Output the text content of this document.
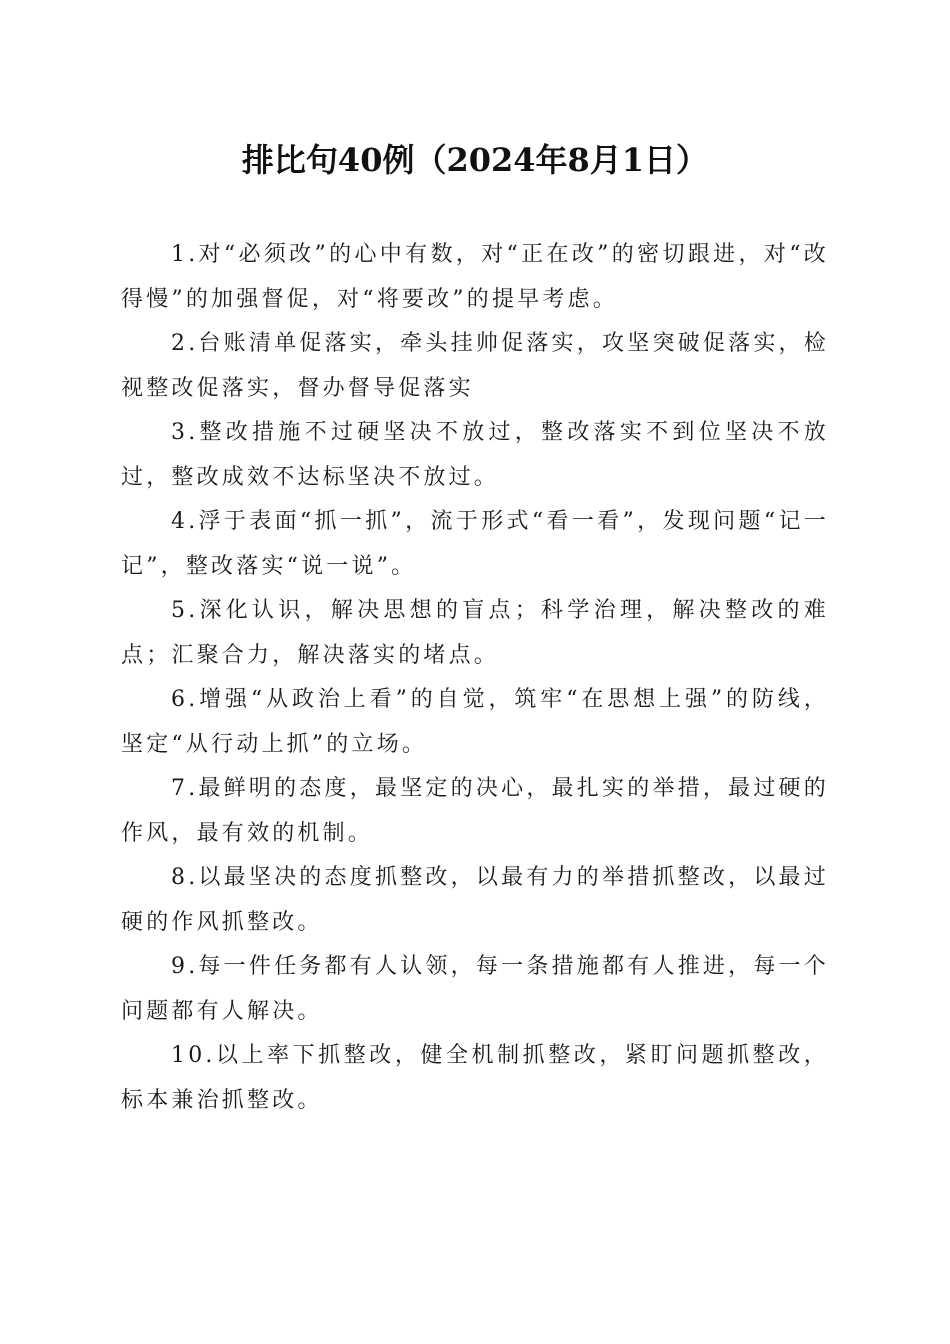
排比句40例（2024年8月1日）

1.对“必须改”的心中有数，对“正在改”的密切跟进，对“改得慢”的加强督促，对“将要改”的提早考虑。

2.台账清单促落实，牵头挂帅促落实，攻坚突破促落实，检视整改促落实，督办督导促落实

3.整改措施不过硬坚决不放过，整改落实不到位坚决不放过，整改成效不达标坚决不放过。

4.浮于表面“抓一抓”，流于形式“看一看”，发现问题“记一记”，整改落实“说一说”。

5.深化认识，解决思想的盲点；科学治理，解决整改的难点；汇聚合力，解决落实的堵点。

6.增强“从政治上看”的自觉，筑牢“在思想上强”的防线，坚定“从行动上抓”的立场。

7.最鲜明的态度，最坚定的决心，最扎实的举措，最过硬的作风，最有效的机制。

8.以最坚决的态度抓整改，以最有力的举措抓整改，以最过硬的作风抓整改。

9.每一件任务都有人认领，每一条措施都有人推进，每一个问题都有人解决。

10.以上率下抓整改，健全机制抓整改，紧盯问题抓整改，标本兼治抓整改。
